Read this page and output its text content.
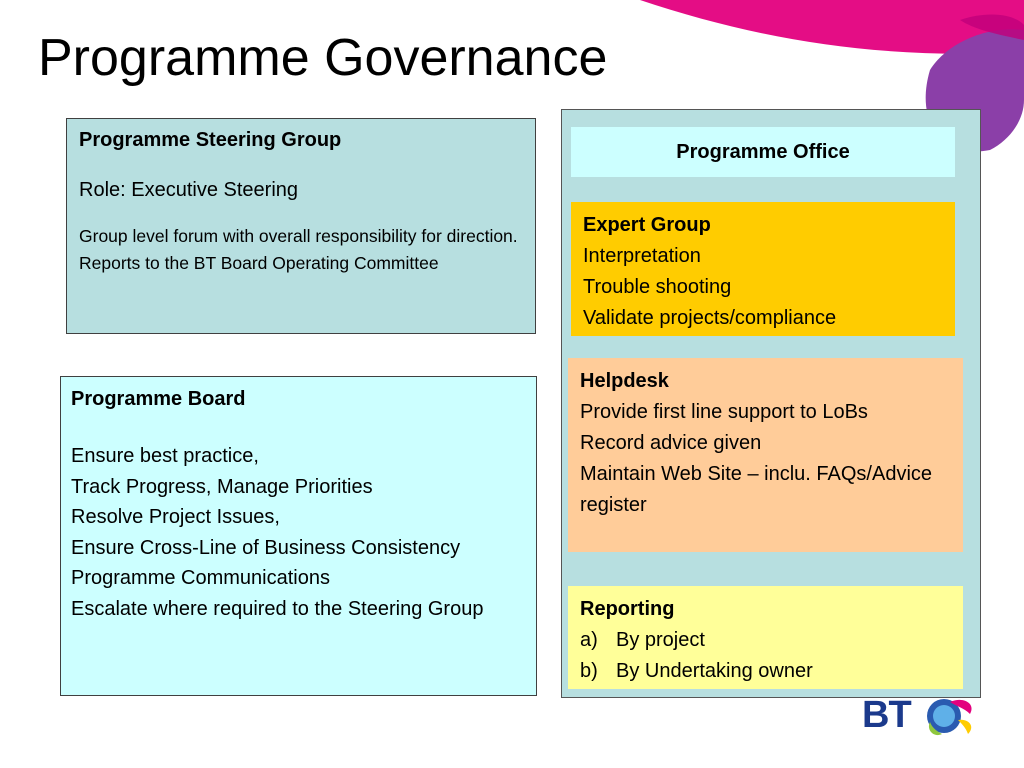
Programme Governance
Programme Steering Group
Role: Executive Steering
Group level forum with overall responsibility for direction. Reports to the BT Board Operating Committee
Programme Board
Ensure best practice,
Track Progress, Manage Priorities
Resolve Project Issues,
Ensure Cross-Line of Business Consistency
Programme Communications
Escalate where required to the Steering Group
Programme Office
Expert Group
Interpretation
Trouble shooting
Validate projects/compliance
Helpdesk
Provide first line support to LoBs
Record advice given
Maintain Web Site – inclu. FAQs/Advice register
Reporting
a) By project
b) By Undertaking owner
BT
